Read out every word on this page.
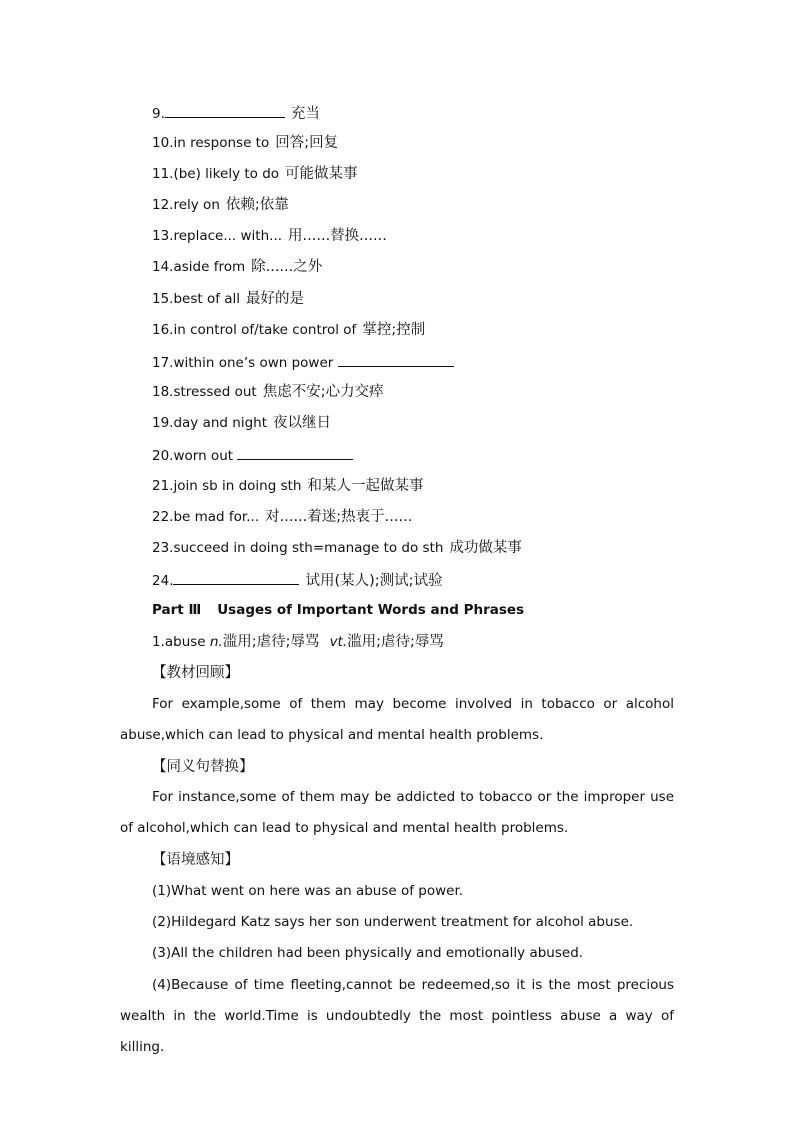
9.	充当
10.in response to 回答;回复
11.(be) likely to do 可能做某事
12.rely on 依赖;依靠
13.replace... with... 用......替换......
14.aside from 除......之外
15.best of all 最好的是
16.in control of/take control of 掌控;控制
17.within one’s own power
18.stressed out 焦虑不安;心力交瘁
19.day and night 夜以继日
20.worn out
21.join sb in doing sth 和某人一起做某事
22.be mad for... 对......着迷;热衷于......
23.succeed in doing sth=manage to do sth 成功做某事
24.	试用(某人);测试;试验
Part Ⅲ Usages of Important Words and Phrases
1.abuse n.滥用;虐待;辱骂 vt.滥用;虐待;辱骂
【教材回顾】
For example,some of them may become involved in tobacco or alcohol abuse,which can lead to physical and mental health problems.
【同义句替换】
For instance,some of them may be addicted to tobacco or the improper use of alcohol,which can lead to physical and mental health problems.
【语境感知】
(1)What went on here was an abuse of power.
(2)Hildegard Katz says her son underwent treatment for alcohol abuse.
(3)All the children had been physically and emotionally abused.
(4)Because of time fleeting,cannot be redeemed,so it is the most precious wealth in the world.Time is undoubtedly the most pointless abuse a way of killing.
